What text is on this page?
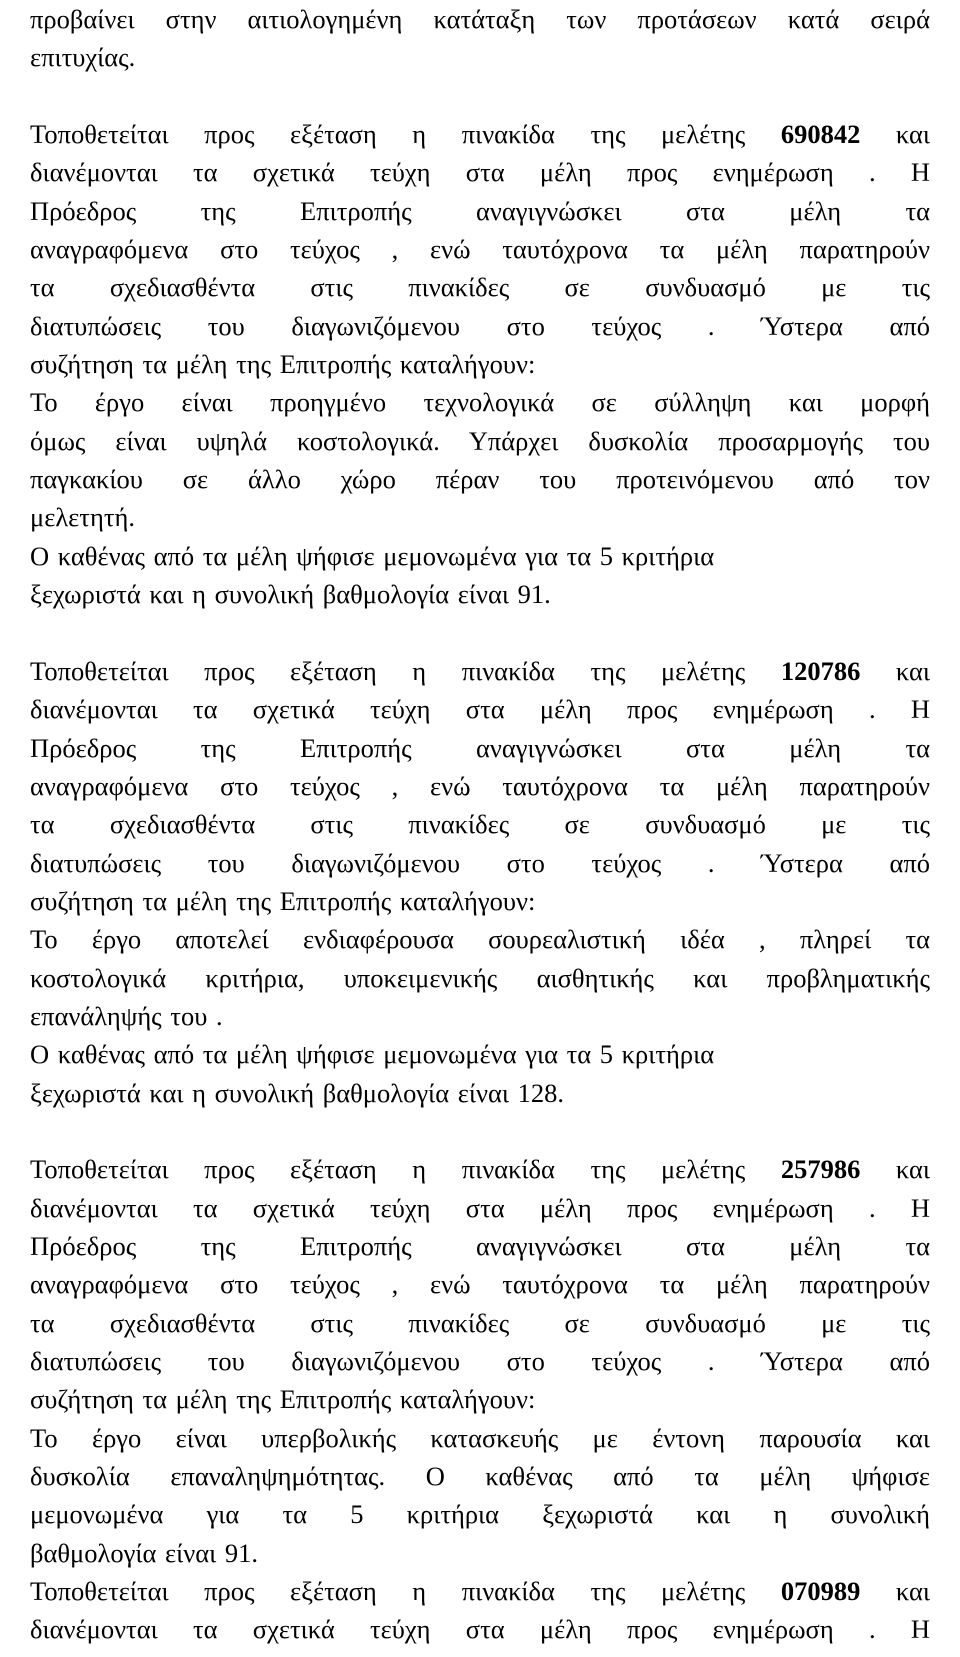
προβαίνει στην αιτιολογημένη κατάταξη των προτάσεων κατά σειρά
επιτυχίας.
Τοποθετείται προς εξέταση η πινακίδα της μελέτης 690842 και
διανέμονται τα σχετικά τεύχη στα μέλη προς ενημέρωση . Η
Πρόεδρος της Επιτροπής αναγιγνώσκει στα μέλη τα
αναγραφόμενα στο τεύχος , ενώ ταυτόχρονα τα μέλη παρατηρούν
τα σχεδιασθέντα στις πινακίδες σε συνδυασμό με τις
διατυπώσεις του διαγωνιζόμενου στο τεύχος . Ύστερα από
συζήτηση τα μέλη της Επιτροπής καταλήγουν:
Το έργο είναι προηγμένο τεχνολογικά σε σύλληψη και μορφή
όμως είναι υψηλά κοστολογικά. Υπάρχει δυσκολία προσαρμογής του
παγκακίου σε άλλο χώρο πέραν του προτεινόμενου από τον
μελετητή.
Ο καθένας από τα μέλη ψήφισε μεμονωμένα για τα 5 κριτήρια
ξεχωριστά και η συνολική βαθμολογία είναι 91.
Τοποθετείται προς εξέταση η πινακίδα της μελέτης 120786 και
διανέμονται τα σχετικά τεύχη στα μέλη προς ενημέρωση . Η
Πρόεδρος της Επιτροπής αναγιγνώσκει στα μέλη τα
αναγραφόμενα στο τεύχος , ενώ ταυτόχρονα τα μέλη παρατηρούν
τα σχεδιασθέντα στις πινακίδες σε συνδυασμό με τις
διατυπώσεις του διαγωνιζόμενου στο τεύχος . Ύστερα από
συζήτηση τα μέλη της Επιτροπής καταλήγουν:
Το έργο αποτελεί ενδιαφέρουσα σουρεαλιστική ιδέα , πληρεί τα
κοστολογικά κριτήρια, υποκειμενικής αισθητικής και προβληματικής
επανάληψής του .
Ο καθένας από τα μέλη ψήφισε μεμονωμένα για τα 5 κριτήρια
ξεχωριστά και η συνολική βαθμολογία είναι 128.
Τοποθετείται προς εξέταση η πινακίδα της μελέτης 257986 και
διανέμονται τα σχετικά τεύχη στα μέλη προς ενημέρωση . Η
Πρόεδρος της Επιτροπής αναγιγνώσκει στα μέλη τα
αναγραφόμενα στο τεύχος , ενώ ταυτόχρονα τα μέλη παρατηρούν
τα σχεδιασθέντα στις πινακίδες σε συνδυασμό με τις
διατυπώσεις του διαγωνιζόμενου στο τεύχος . Ύστερα από
συζήτηση τα μέλη της Επιτροπής καταλήγουν:
Το έργο είναι υπερβολικής κατασκευής με έντονη παρουσία και
δυσκολία επαναληψημότητας. Ο καθένας από τα μέλη ψήφισε
μεμονωμένα για τα 5 κριτήρια ξεχωριστά και η συνολική
βαθμολογία είναι 91.
Τοποθετείται προς εξέταση η πινακίδα της μελέτης 070989 και
διανέμονται τα σχετικά τεύχη στα μέλη προς ενημέρωση . Η
